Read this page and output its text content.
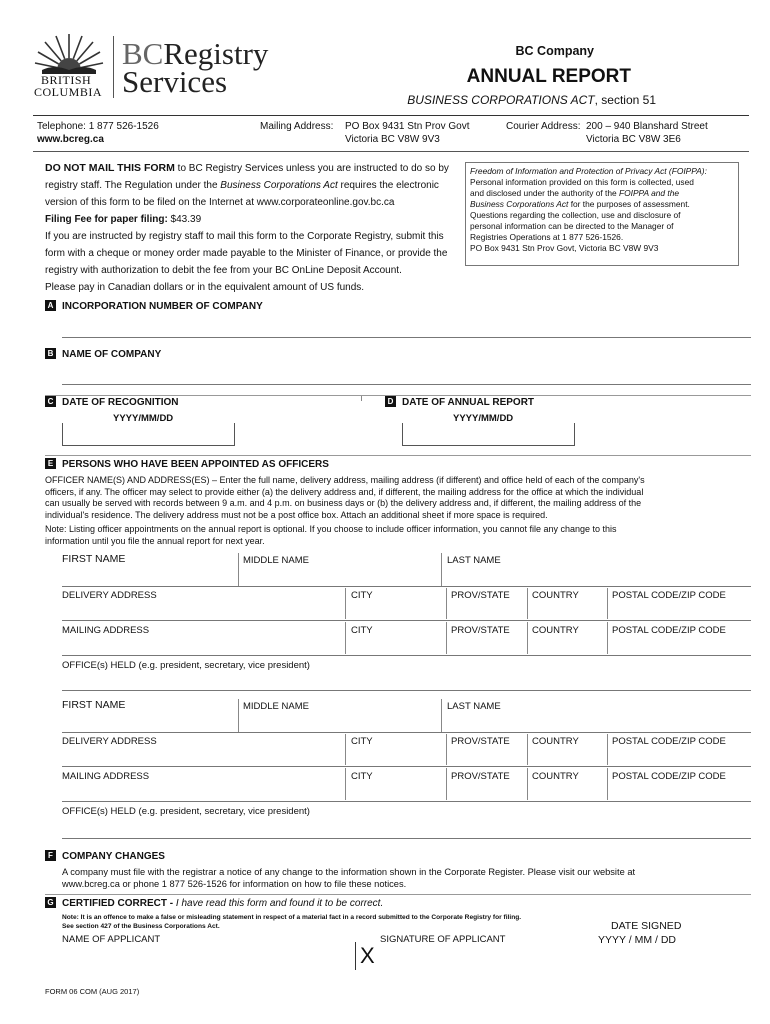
BRITISH
COLUMBIA
BCRegistry
Services
BC Company
ANNUAL REPORT
BUSINESS CORPORATIONS ACT, section 51
Telephone: 1 877 526-1526
www.bcreg.ca
Mailing Address: PO Box 9431 Stn Prov Govt
Victoria BC V8W 9V3
Courier Address: 200 – 940 Blanshard Street
Victoria BC V8W 3E6
DO NOT MAIL THIS FORM to BC Registry Services unless you are instructed to do so by
registry staff. The Regulation under the Business Corporations Act requires the electronic
version of this form to be filed on the Internet at www.corporateonline.gov.bc.ca
Filing Fee for paper filing: $43.39
If you are instructed by registry staff to mail this form to the Corporate Registry, submit this
form with a cheque or money order made payable to the Minister of Finance, or provide the
registry with authorization to debit the fee from your BC OnLine Deposit Account.
Please pay in Canadian dollars or in the equivalent amount of US funds.
Freedom of Information and Protection of Privacy Act (FOIPPA):
Personal information provided on this form is collected, used
and disclosed under the authority of the FOIPPA and the
Business Corporations Act for the purposes of assessment.
Questions regarding the collection, use and disclosure of
personal information can be directed to the Manager of
Registries Operations at 1 877 526-1526.
PO Box 9431 Stn Prov Govt, Victoria BC V8W 9V3
A INCORPORATION NUMBER OF COMPANY
B NAME OF COMPANY
C DATE OF RECOGNITION
YYYY/MM/DD
D DATE OF ANNUAL REPORT
YYYY/MM/DD
E PERSONS WHO HAVE BEEN APPOINTED AS OFFICERS
OFFICER NAME(S) AND ADDRESS(ES) – Enter the full name, delivery address, mailing address (if different) and office held of each of the company's
officers, if any. The officer may select to provide either (a) the delivery address and, if different, the mailing address for the office at which the individual
can usually be served with records between 9 a.m. and 4 p.m. on business days or (b) the delivery address and, if different, the mailing address of the
individual's residence. The delivery address must not be a post office box. Attach an additional sheet if more space is required.
Note: Listing officer appointments on the annual report is optional. If you choose to include officer information, you cannot file any change to this
information until you file the annual report for next year.
FIRST NAME	MIDDLE NAME	LAST NAME
DELIVERY ADDRESS	CITY	PROV/STATE COUNTRY	POSTAL CODE/ZIP CODE
MAILING ADDRESS	CITY	PROV/STATE COUNTRY	POSTAL CODE/ZIP CODE
OFFICE(s) HELD (e.g. president, secretary, vice president)
FIRST NAME	MIDDLE NAME	LAST NAME
DELIVERY ADDRESS	CITY	PROV/STATE COUNTRY	POSTAL CODE/ZIP CODE
MAILING ADDRESS	CITY	PROV/STATE COUNTRY	POSTAL CODE/ZIP CODE
OFFICE(s) HELD (e.g. president, secretary, vice president)
F COMPANY CHANGES
A company must file with the registrar a notice of any change to the information shown in the Corporate Register. Please visit our website at
www.bcreg.ca or phone 1 877 526-1526 for information on how to file these notices.
G CERTIFIED CORRECT - I have read this form and found it to be correct.
Note: It is an offence to make a false or misleading statement in respect of a material fact in a record submitted to the Corporate Registry for filing.
See section 427 of the Business Corporations Act.
NAME OF APPLICANT	SIGNATURE OF APPLICANT
DATE SIGNED
YYYY / MM / DD
X
FORM 06 COM (AUG 2017)
